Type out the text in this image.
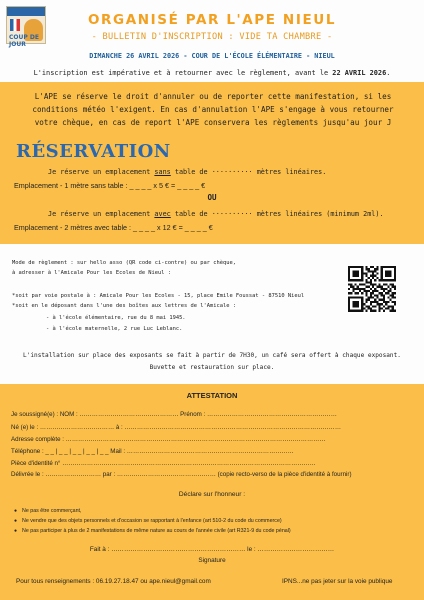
COUP DE JOUR
ORGANISÉ PAR L'APE NIEUL
- BULLETIN D'INSCRIPTION : VIDE TA CHAMBRE -
DIMANCHE 26 AVRIL 2026 - COUR DE L'ÉCOLE ÉLÉMENTAIRE - NIEUL
L'inscription est impérative et à retourner avec le règlement, avant le 22 AVRIL 2026.
L'APE se réserve le droit d'annuler ou de reporter cette manifestation, si les
conditions météo l'exigent. En cas d'annulation l'APE s'engage à vous retourner
votre chèque, en cas de report l'APE conservera les règlements jusqu'au jour J
RÉSERVATION
Je réserve un emplacement sans table de ·········· mètres linéaires.
Emplacement - 1 mètre sans table : _ _ _ _ x 5 € = _ _ _ _ €
OU
Je réserve un emplacement avec table de ·········· mètres linéaires (minimum 2ml).
Emplacement - 2 mètres avec table : _ _ _ _ x 12 € = _ _ _ _ €
Mode de règlement : sur hello asso (QR code ci-contre) ou par chèque,
à adresser à l'Amicale Pour les Ecoles de Nieul :
*soit par voie postale à : Amicale Pour les Ecoles - 15, place Emile Foussat - 87510 Nieul
*soit en le déposant dans l'une des boîtes aux lettres de l'Amicale :
- à l'école élémentaire, rue du 8 mai 1945.
- à l'école maternelle, 2 rue Luc Leblanc.
L'installation sur place des exposants se fait à partir de 7H30, un café sera offert à chaque exposant.
Buvette et restauration sur place.
ATTESTATION
Je soussigné(e) : NOM : ………………………………………… Prénom : ………………………………………………………
Né (e) le : ……………………………… à : ……………………………………………………………………………………………
Adresse complète : ………………………………………………………………………………………………………………
Téléphone : _ _ | _ _ | _ _ | _ _ | _ _ Mail : ………………………………………………………………………
Pièce d'identité n° ……………………………………………………………………………………………………………
Délivrée le : ……………………… par : ………………………………………… (copie recto-verso de la pièce d'identité à fournir)
Déclare sur l'honneur :
● Ne pas être commerçant,
● Ne vendre que des objets personnels et d'occasion se rapportant à l'enfance (art 510-2 du code du commerce)
● Ne pas participer à plus de 2 manifestations de même nature au cours de l'année civile (art R321-9 du code pénal)
Fait à : ……………………………………………………… le : ………………………………
Signature
Pour tous renseignements : 06.19.27.18.47 ou ape.nieul@gmail.com	IPNS...ne pas jeter sur la voie publique
